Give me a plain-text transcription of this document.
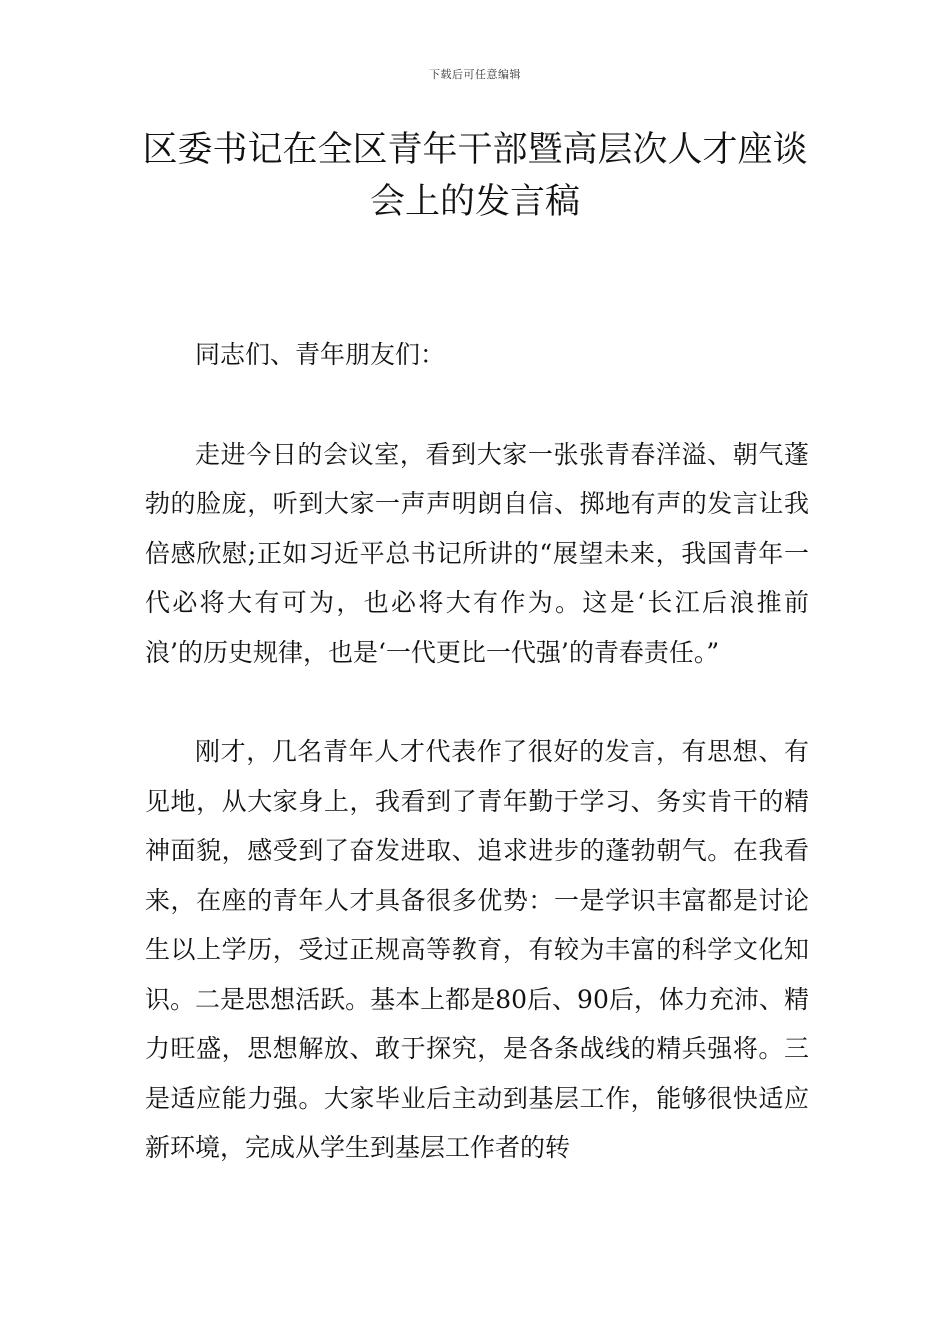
下载后可任意编辑
区委书记在全区青年干部暨高层次人才座谈会上的发言稿

同志们、青年朋友们：

走进今日的会议室，看到大家一张张青春洋溢、朝气蓬勃的脸庞，听到大家一声声明朗自信、掷地有声的发言让我倍感欣慰;正如习近平总书记所讲的“展望未来，我国青年一代必将大有可为，也必将大有作为。这是‘长江后浪推前浪’的历史规律，也是‘一代更比一代强’的青春责任。”

刚才，几名青年人才代表作了很好的发言，有思想、有见地，从大家身上，我看到了青年勤于学习、务实肯干的精神面貌，感受到了奋发进取、追求进步的蓬勃朝气。在我看来，在座的青年人才具备很多优势：一是学识丰富都是讨论生以上学历，受过正规高等教育，有较为丰富的科学文化知识。二是思想活跃。基本上都是80后、90后，体力充沛、精力旺盛，思想解放、敢于探究，是各条战线的精兵强将。三是适应能力强。大家毕业后主动到基层工作，能够很快适应新环境，完成从学生到基层工作者的转
